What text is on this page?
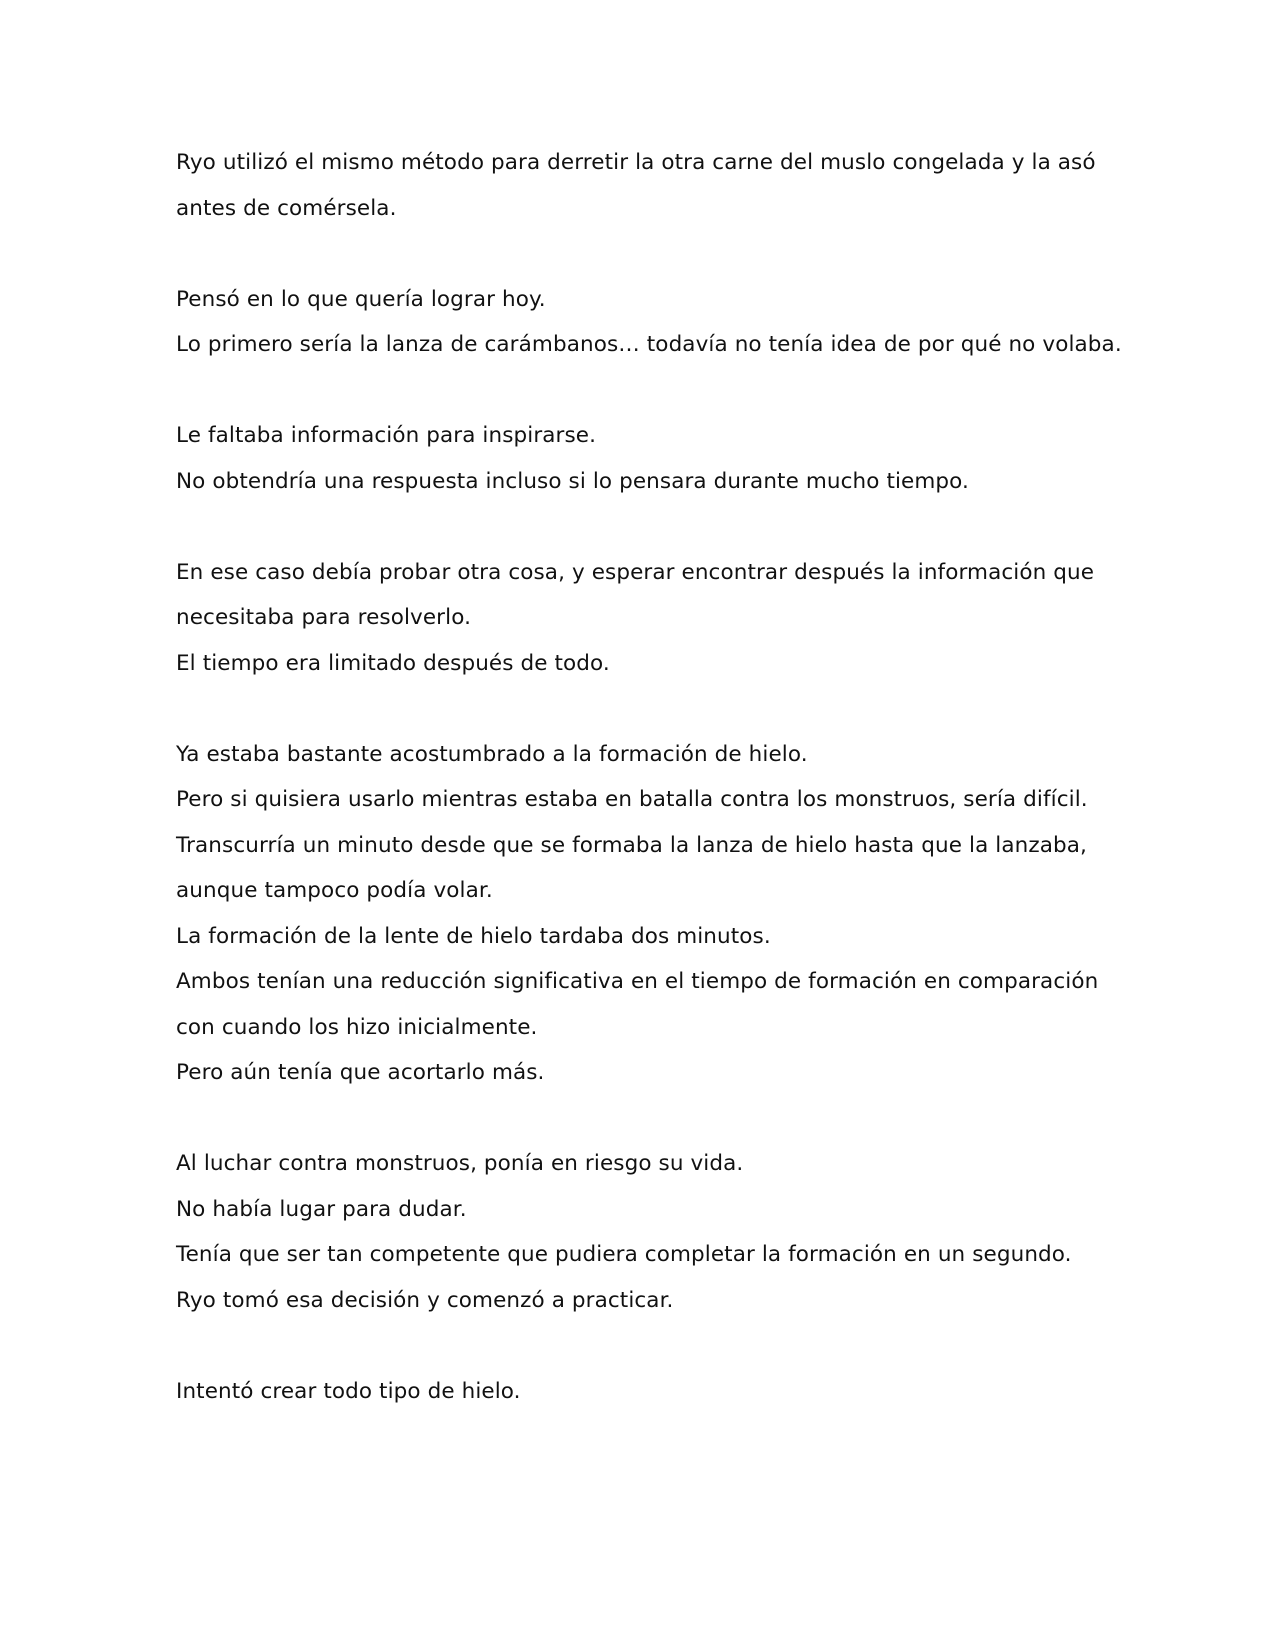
Ryo utilizó el mismo método para derretir la otra carne del muslo congelada y la asó
antes de comérsela.

Pensó en lo que quería lograr hoy.
Lo primero sería la lanza de carámbanos… todavía no tenía idea de por qué no volaba.

Le faltaba información para inspirarse.
No obtendría una respuesta incluso si lo pensara durante mucho tiempo.

En ese caso debía probar otra cosa, y esperar encontrar después la información que
necesitaba para resolverlo.
El tiempo era limitado después de todo.

Ya estaba bastante acostumbrado a la formación de hielo.
Pero si quisiera usarlo mientras estaba en batalla contra los monstruos, sería difícil.
Transcurría un minuto desde que se formaba la lanza de hielo hasta que la lanzaba,
aunque tampoco podía volar.
La formación de la lente de hielo tardaba dos minutos.
Ambos tenían una reducción significativa en el tiempo de formación en comparación
con cuando los hizo inicialmente.
Pero aún tenía que acortarlo más.

Al luchar contra monstruos, ponía en riesgo su vida.
No había lugar para dudar.
Tenía que ser tan competente que pudiera completar la formación en un segundo.
Ryo tomó esa decisión y comenzó a practicar.

Intentó crear todo tipo de hielo.
